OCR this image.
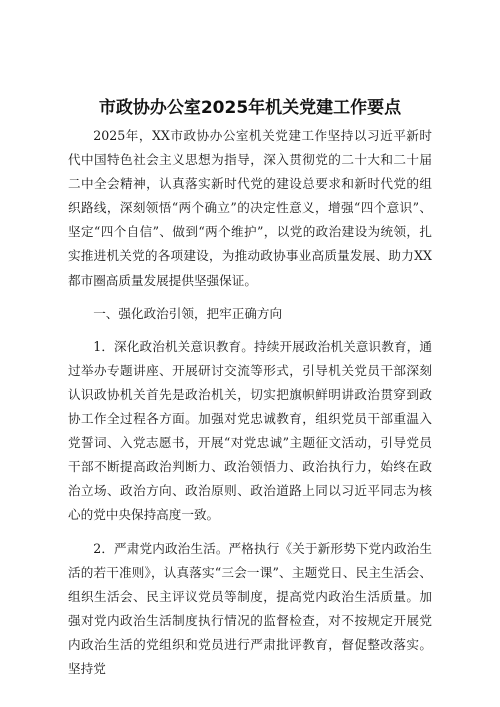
市政协办公室2025年机关党建工作要点

2025年，XX市政协办公室机关党建工作坚持以习近平新时代中国特色社会主义思想为指导，深入贯彻党的二十大和二十届二中全会精神，认真落实新时代党的建设总要求和新时代党的组织路线，深刻领悟“两个确立”的决定性意义，增强“四个意识”、坚定“四个自信”、做到“两个维护”，以党的政治建设为统领，扎实推进机关党的各项建设，为推动政协事业高质量发展、助力XX都市圈高质量发展提供坚强保证。

一、强化政治引领，把牢正确方向

1．深化政治机关意识教育。持续开展政治机关意识教育，通过举办专题讲座、开展研讨交流等形式，引导机关党员干部深刻认识政协机关首先是政治机关，切实把旗帜鲜明讲政治贯穿到政协工作全过程各方面。加强对党忠诚教育，组织党员干部重温入党誓词、入党志愿书，开展“对党忠诚”主题征文活动，引导党员干部不断提高政治判断力、政治领悟力、政治执行力，始终在政治立场、政治方向、政治原则、政治道路上同以习近平同志为核心的党中央保持高度一致。

2．严肃党内政治生活。严格执行《关于新形势下党内政治生活的若干准则》，认真落实“三会一课”、主题党日、民主生活会、组织生活会、民主评议党员等制度，提高党内政治生活质量。加强对党内政治生活制度执行情况的监督检查，对不按规定开展党内政治生活的党组织和党员进行严肃批评教育，督促整改落实。坚持党
